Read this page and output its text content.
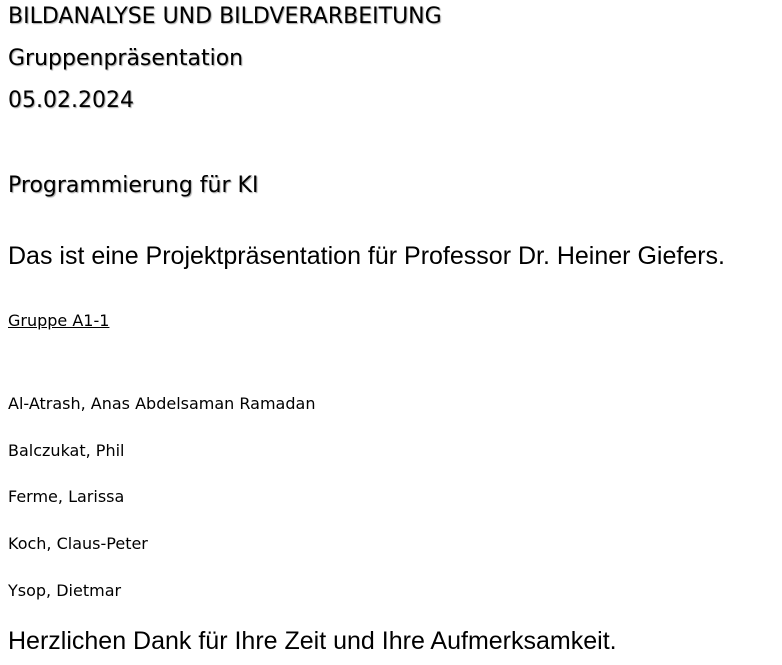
BILDANALYSE UND BILDVERARBEITUNG

Gruppenpräsentation

05.02.2024

Programmierung für KI

Das ist eine Projektpräsentation für Professor Dr. Heiner Giefers.

Gruppe A1-1

Al-Atrash, Anas Abdelsaman Ramadan

Balczukat, Phil

Ferme, Larissa

Koch, Claus-Peter

Ysop, Dietmar

Herzlichen Dank für Ihre Zeit und Ihre Aufmerksamkeit.
